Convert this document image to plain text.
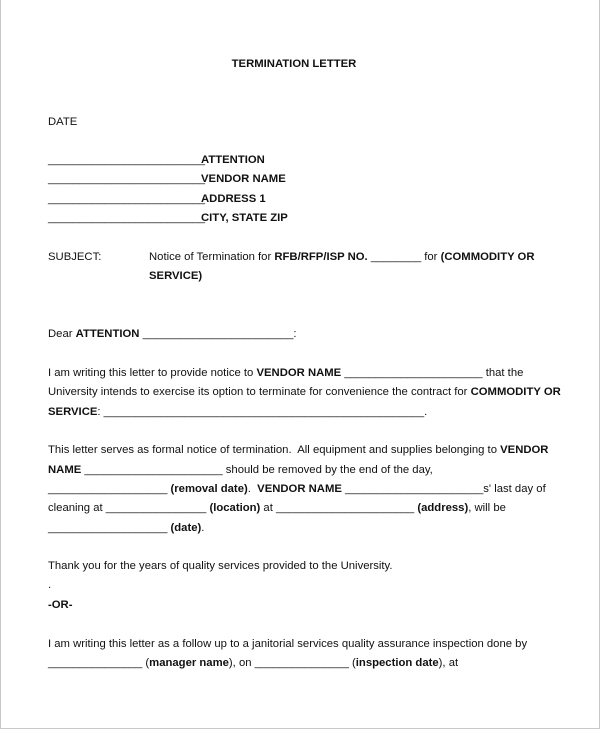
TERMINATION LETTER
DATE
_________________________
ATTENTION
_________________________
VENDOR NAME
_________________________
ADDRESS 1
_________________________
CITY, STATE ZIP
SUBJECT:	Notice of Termination for RFB/RFP/ISP NO. ________ for (COMMODITY OR
SERVICE)
Dear ATTENTION ________________________:
I am writing this letter to provide notice to VENDOR NAME ______________________ that the
University intends to exercise its option to terminate for convenience the contract for COMMODITY OR
SERVICE: ___________________________________________________.
This letter serves as formal notice of termination.  All equipment and supplies belonging to VENDOR
NAME ______________________ should be removed by the end of the day,
___________________ (removal date).  VENDOR NAME ______________________s' last day of
cleaning at ________________ (location) at ______________________ (address), will be
___________________ (date).
Thank you for the years of quality services provided to the University.
.
-OR-
I am writing this letter as a follow up to a janitorial services quality assurance inspection done by
_______________ (manager name), on _______________ (inspection date), at
